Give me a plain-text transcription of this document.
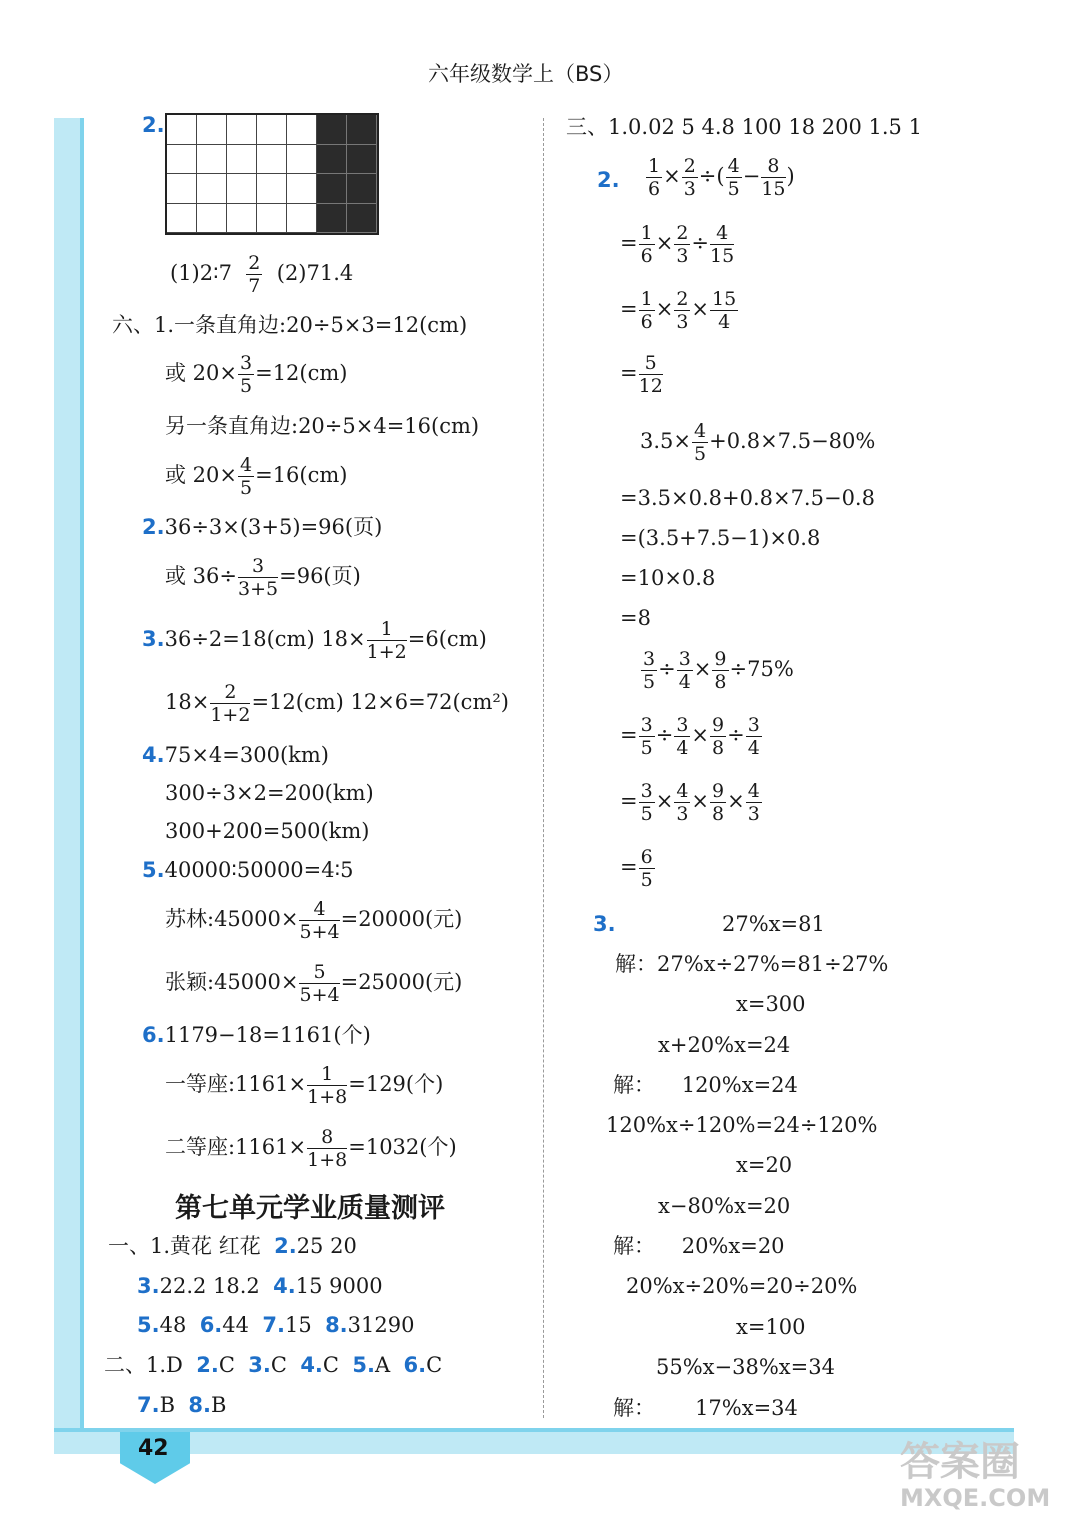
六年级数学上（BS）
2.
(1)2∶7 $\frac{2}{7} (2)71.4$
六、1.一条直角边:20÷5×3=12(cm)
或 $20\times \frac{3}{5} =12(cm)$
另一条直角边:20÷5×4=16(cm)
或 $20\times \frac{4}{5} =16(cm)$
2.36÷3×(3+5)=96(页)
或 $36\div \frac{3}{3+5} =96$(页)
3.36÷2=18(cm) $18\times \frac{1}{1+2} =6(cm)$
$18\times \frac{2}{1+2} =12(cm)$ 12×6=72(cm²)
4.75×4=300(km)
300÷3×2=200(km)
300+200=500(km)
5.40000∶50000=4∶5
苏林:45000× $\frac{4}{5+4} =20000$(元)
张颖:45000× $\frac{5}{5+4} =25000$(元)
6.1179−18=1161(个)
一等座:1161× $\frac{1}{1+8} =129$(个)
二等座:1161× $\frac{8}{1+8} =1032$(个)
第七单元学业质量测评
一、1.黄花 红花 2.25 20
3.22.2 18.2 4.15 9000
5.48 6.44 7.15 8.31290
二、1.D 2.C 3.C 4.C 5.A 6.C
7.B 8.B
三、1.0.02 5 4.8 100 18 200 1.5 1
2. $\frac{1}{6} \times \frac{2}{3}$ ÷( $\frac{4}{5} - \frac{8}{15}$ )
= $\frac{1}{6} \times \frac{2}{3} \div \frac{4}{15}$
= $\frac{1}{6} \times \frac{2}{3} \times \frac{15}{4}$
= $\frac{5}{12}$
$3.5\times \frac{4}{5} +0.8\times 7.5-80\%$
=3.5×0.8+0.8×7.5−0.8
=(3.5+7.5−1)×0.8
=10×0.8
=8
$\frac{3}{5} \div \frac{3}{4} \times \frac{9}{8} \div 75\%$
= $\frac{3}{5} \div \frac{3}{4} \times \frac{9}{8} \div \frac{3}{4}$
= $\frac{3}{5} \times \frac{4}{3} \times \frac{9}{8} \times \frac{4}{3}$
= $\frac{6}{5}$
3.	27%x=81
解：27%x÷27%=81÷27%
x=300
x+20%x=24
解： 120%x=24
120%x÷120%=24÷120%
x=20
x−80%x=20
解： 20%x=20
20%x÷20%=20÷20%
x=100
55%x−38%x=34
解： 17%x=34
42	答案圈
MXQE.COM
